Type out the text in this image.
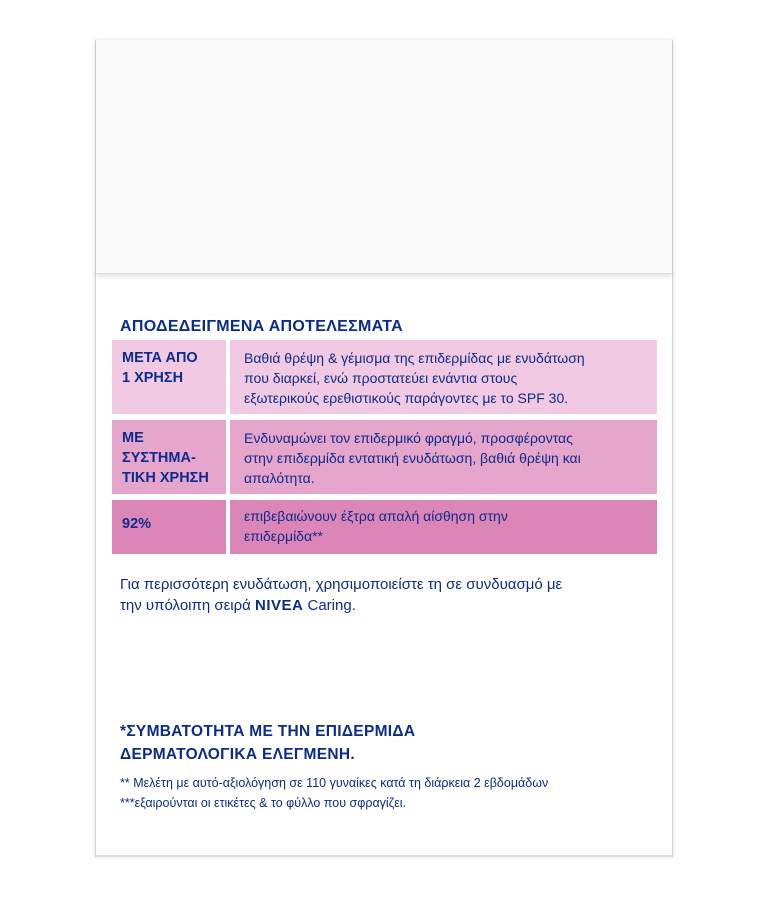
ΑΠΟΔΕΔΕΙΓΜΕΝΑ ΑΠΟΤΕΛΕΣΜΑΤΑ
ΜΕΤΑ ΑΠΟ
1 ΧΡΗΣΗ
Βαθιά θρέψη & γέμισμα της επιδερμίδας με ενυδάτωση
που διαρκεί, ενώ προστατεύει ενάντια στους
εξωτερικούς ερεθιστικούς παράγοντες με το SPF 30.
ΜΕ
ΣΥΣΤΗΜΑ-
ΤΙΚΗ ΧΡΗΣΗ
Ενδυναμώνει τον επιδερμικό φραγμό, προσφέροντας
στην επιδερμίδα εντατική ενυδάτωση, βαθιά θρέψη και
απαλότητα.
92%	επιβεβαιώνουν έξτρα απαλή αίσθηση στην
επιδερμίδα**

Για περισσότερη ενυδάτωση, χρησιμοποιείστε τη σε συνδυασμό με
την υπόλοιπη σειρά NIVEA Caring.

*ΣΥΜΒΑΤΟΤΗΤΑ ΜΕ ΤΗΝ ΕΠΙΔΕΡΜΙΔΑ
ΔΕΡΜΑΤΟΛΟΓΙΚΑ ΕΛΕΓΜΕΝΗ.

** Μελέτη με αυτό-αξιολόγηση σε 110 γυναίκες κατά τη διάρκεια 2 εβδομάδων

***εξαιρούνται οι ετικέτες & το φύλλο που σφραγίζει.
